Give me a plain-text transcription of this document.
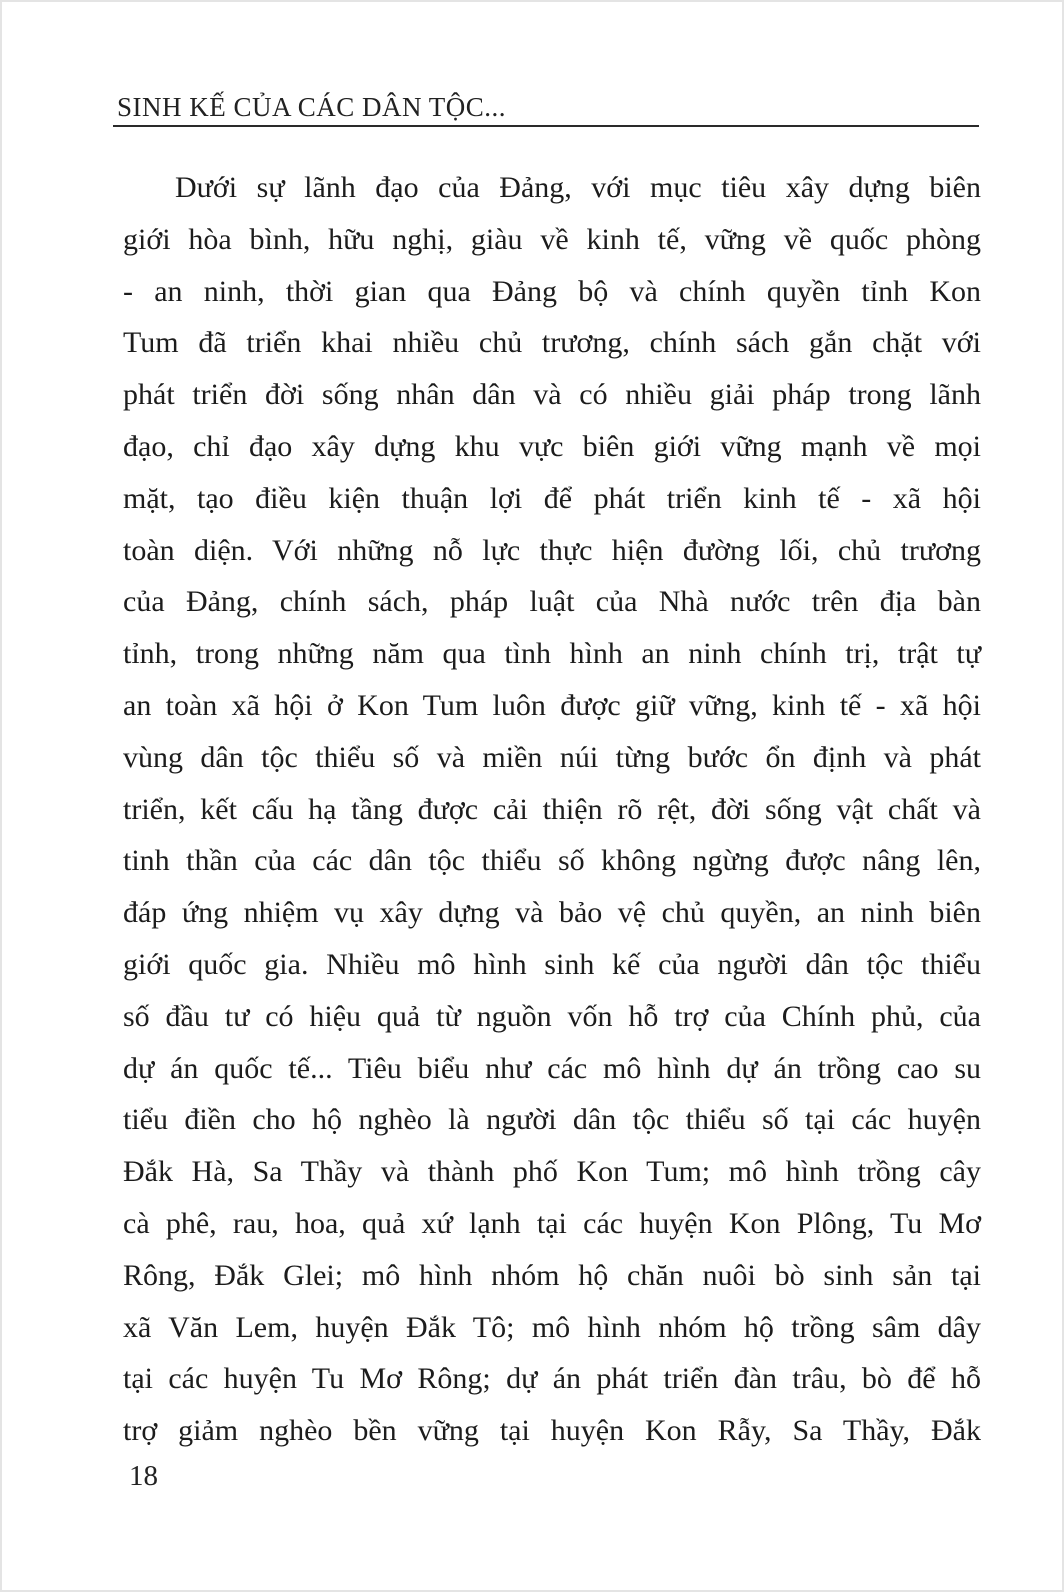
SINH KẾ CỦA CÁC DÂN TỘC...
Dưới sự lãnh đạo của Đảng, với mục tiêu xây dựng biên
giới hòa bình, hữu nghị, giàu về kinh tế, vững về quốc phòng
- an ninh, thời gian qua Đảng bộ và chính quyền tỉnh Kon
Tum đã triển khai nhiều chủ trương, chính sách gắn chặt với
phát triển đời sống nhân dân và có nhiều giải pháp trong lãnh
đạo, chỉ đạo xây dựng khu vực biên giới vững mạnh về mọi
mặt, tạo điều kiện thuận lợi để phát triển kinh tế - xã hội
toàn diện. Với những nỗ lực thực hiện đường lối, chủ trương
của Đảng, chính sách, pháp luật của Nhà nước trên địa bàn
tỉnh, trong những năm qua tình hình an ninh chính trị, trật tự
an toàn xã hội ở Kon Tum luôn được giữ vững, kinh tế - xã hội
vùng dân tộc thiểu số và miền núi từng bước ổn định và phát
triển, kết cấu hạ tầng được cải thiện rõ rệt, đời sống vật chất và
tinh thần của các dân tộc thiểu số không ngừng được nâng lên,
đáp ứng nhiệm vụ xây dựng và bảo vệ chủ quyền, an ninh biên
giới quốc gia. Nhiều mô hình sinh kế của người dân tộc thiểu
số đầu tư có hiệu quả từ nguồn vốn hỗ trợ của Chính phủ, của
dự án quốc tế... Tiêu biểu như các mô hình dự án trồng cao su
tiểu điền cho hộ nghèo là người dân tộc thiểu số tại các huyện
Đắk Hà, Sa Thầy và thành phố Kon Tum; mô hình trồng cây
cà phê, rau, hoa, quả xứ lạnh tại các huyện Kon Plông, Tu Mơ
Rông, Đắk Glei; mô hình nhóm hộ chăn nuôi bò sinh sản tại
xã Văn Lem, huyện Đắk Tô; mô hình nhóm hộ trồng sâm dây
tại các huyện Tu Mơ Rông; dự án phát triển đàn trâu, bò để hỗ
trợ giảm nghèo bền vững tại huyện Kon Rẫy, Sa Thầy, Đắk
18
